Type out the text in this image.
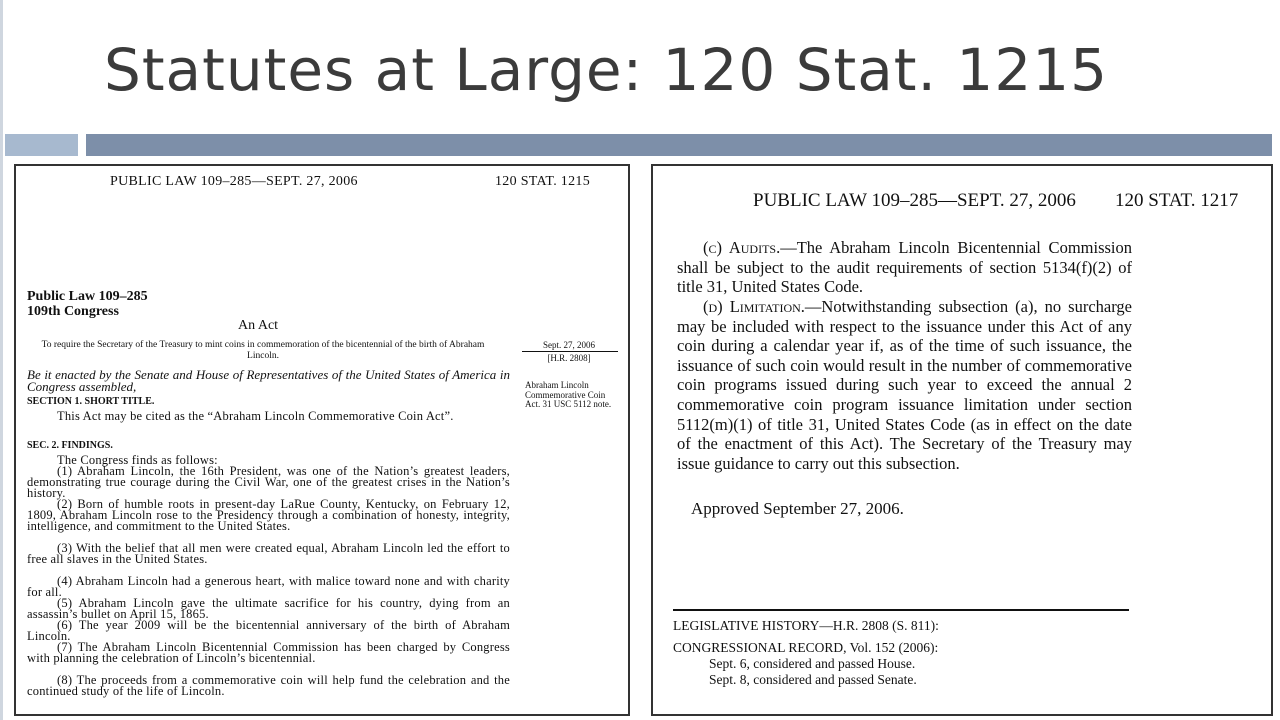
Statutes at Large: 120 Stat. 1215
PUBLIC LAW 109–285—SEPT. 27, 2006	120 STAT. 1215
Public Law 109–285
109th Congress
An Act
To require the Secretary of the Treasury to mint coins in commemoration of the bicentennial of the birth of Abraham Lincoln.
Sept. 27, 2006
[H.R. 2808]
Be it enacted by the Senate and House of Representatives of the United States of America in Congress assembled,	Abraham Lincoln Commemorative Coin Act. 31 USC 5112 note.
SECTION 1. SHORT TITLE.
This Act may be cited as the “Abraham Lincoln Commemorative Coin Act”.
SEC. 2. FINDINGS.
The Congress finds as follows:
(1) Abraham Lincoln, the 16th President, was one of the Nation’s greatest leaders, demonstrating true courage during the Civil War, one of the greatest crises in the Nation’s history.
(2) Born of humble roots in present-day LaRue County, Kentucky, on February 12, 1809, Abraham Lincoln rose to the Presidency through a combination of honesty, integrity, intelligence, and commitment to the United States.
(3) With the belief that all men were created equal, Abraham Lincoln led the effort to free all slaves in the United States.
(4) Abraham Lincoln had a generous heart, with malice toward none and with charity for all.
(5) Abraham Lincoln gave the ultimate sacrifice for his country, dying from an assassin’s bullet on April 15, 1865.
(6) The year 2009 will be the bicentennial anniversary of the birth of Abraham Lincoln.
(7) The Abraham Lincoln Bicentennial Commission has been charged by Congress with planning the celebration of Lincoln’s bicentennial.
(8) The proceeds from a commemorative coin will help fund the celebration and the continued study of the life of Lincoln.
PUBLIC LAW 109–285—SEPT. 27, 2006 120 STAT. 1217
(c) Audits.—The Abraham Lincoln Bicentennial Commission shall be subject to the audit requirements of section 5134(f)(2) of title 31, United States Code.
(d) Limitation.—Notwithstanding subsection (a), no surcharge may be included with respect to the issuance under this Act of any coin during a calendar year if, as of the time of such issuance, the issuance of such coin would result in the number of commemorative coin programs issued during such year to exceed the annual 2 commemorative coin program issuance limitation under section 5112(m)(1) of title 31, United States Code (as in effect on the date of the enactment of this Act). The Secretary of the Treasury may issue guidance to carry out this subsection.
Approved September 27, 2006.
LEGISLATIVE HISTORY—H.R. 2808 (S. 811):
CONGRESSIONAL RECORD, Vol. 152 (2006):
Sept. 6, considered and passed House.
Sept. 8, considered and passed Senate.
